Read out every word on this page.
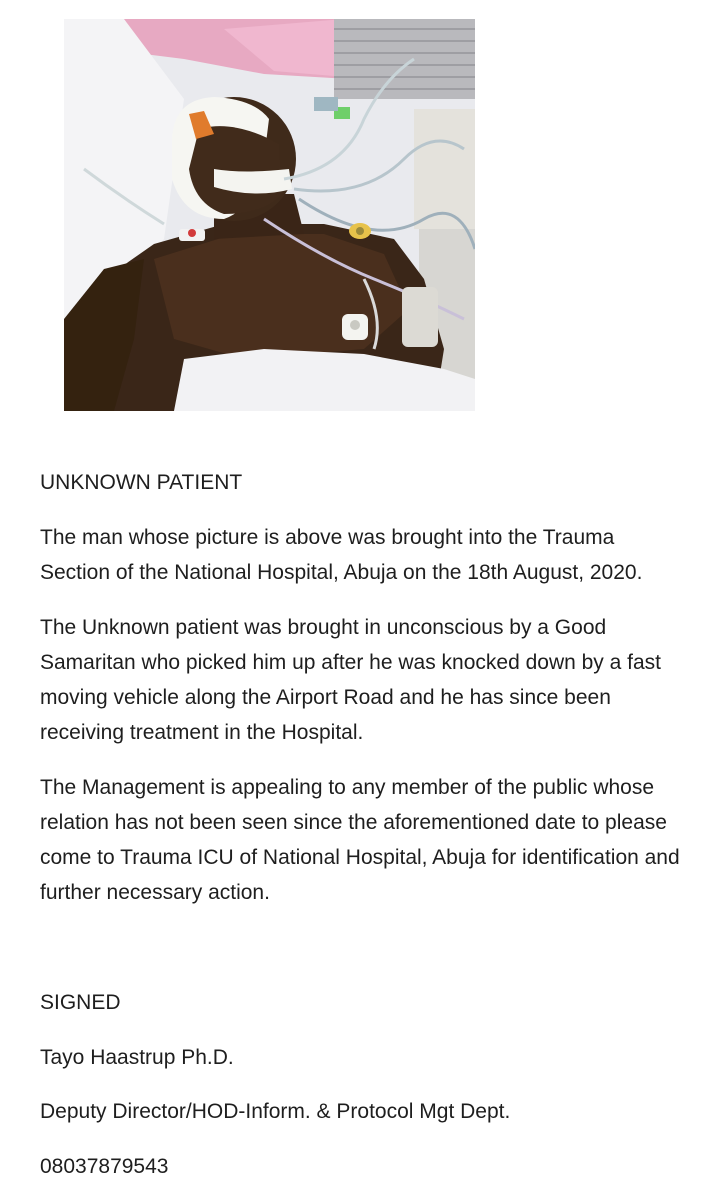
UNKNOWN PATIENT

The man whose picture is above was brought into the Trauma Section of the National Hospital, Abuja on the 18th August, 2020.

The Unknown patient was brought in unconscious by a Good Samaritan who picked him up after he was knocked down by a fast moving vehicle along the Airport Road and he has since been receiving treatment in the Hospital.

The Management is appealing to any member of the public whose relation has not been seen since the aforementioned date to please come to Trauma ICU of National Hospital, Abuja for identification and further necessary action.

SIGNED
Tayo Haastrup Ph.D.
Deputy Director/HOD-Inform. & Protocol Mgt Dept.
08037879543
